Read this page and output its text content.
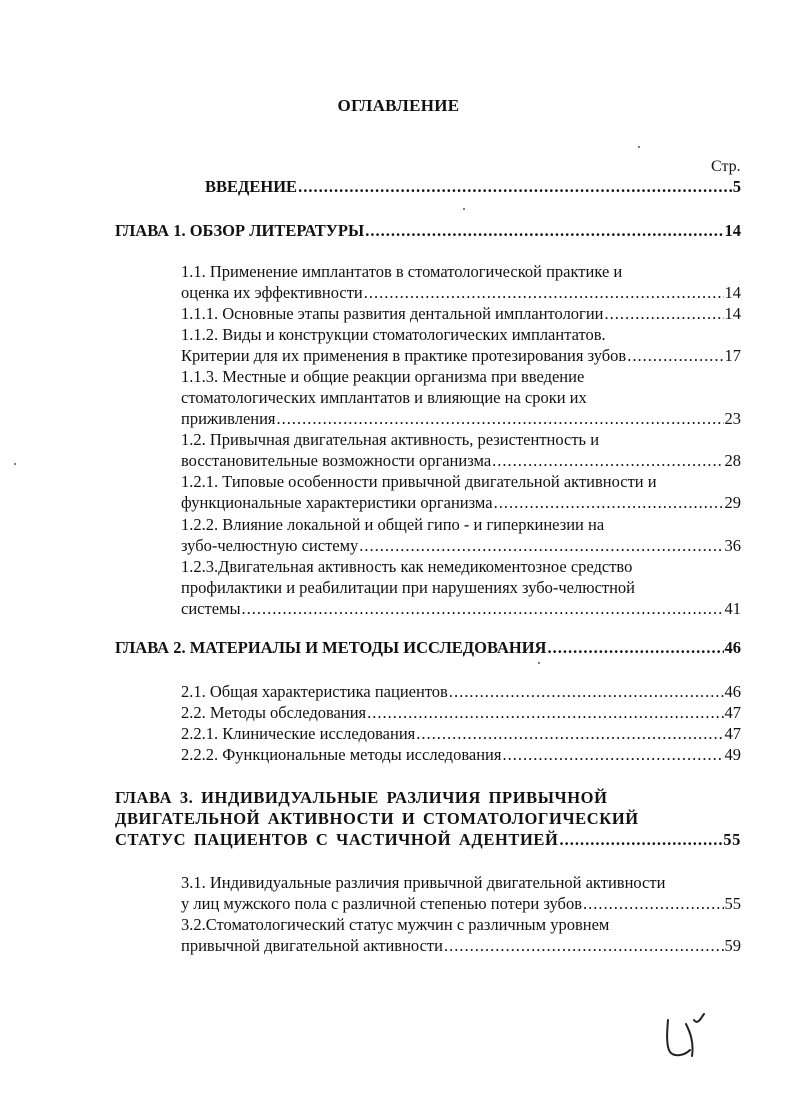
ОГЛАВЛЕНИЕ
Стр.
ВВЕДЕНИЕ .....	5
ГЛАВА 1. ОБЗОР ЛИТЕРАТУРЫ .....	14
1.1. Применение имплантатов в стоматологической практике и
оценка их эффективности .....	14
1.1.1. Основные этапы развития дентальной имплантологии .....	14
1.1.2. Виды и конструкции стоматологических имплантатов.
Критерии для их применения в практике протезирования зубов .....	17
1.1.3. Местные и общие реакции организма при введение
стоматологических имплантатов и влияющие на сроки их
приживления .....	23
1.2. Привычная двигательная активность, резистентность и
восстановительные возможности организма .....	28
1.2.1. Типовые особенности привычной двигательной активности и
функциональные характеристики организма .....	29
1.2.2. Влияние локальной и общей гипо - и гиперкинезии на
зубо-челюстную систему .....	36
1.2.3.Двигательная активность как немедикоментозное средство
профилактики и реабилитации при нарушениях зубо-челюстной
системы .....	41
ГЛАВА 2. МАТЕРИАЛЫ И МЕТОДЫ ИССЛЕДОВАНИЯ .....	46
2.1. Общая характеристика пациентов .....	46
2.2. Методы обследования .....	47
2.2.1. Клинические исследования .....	47
2.2.2. Функциональные методы исследования .....	49
ГЛАВА 3. ИНДИВИДУАЛЬНЫЕ РАЗЛИЧИЯ ПРИВЫЧНОЙ
ДВИГАТЕЛЬНОЙ АКТИВНОСТИ И СТОМАТОЛОГИЧЕСКИЙ
СТАТУС ПАЦИЕНТОВ С ЧАСТИЧНОЙ АДЕНТИЕЙ .....	55
3.1. Индивидуальные различия привычной двигательной активности
у лиц мужского пола с различной степенью потери зубов .....	55
3.2.Стоматологический статус мужчин с различным уровнем
привычной двигательной активности .....	59
